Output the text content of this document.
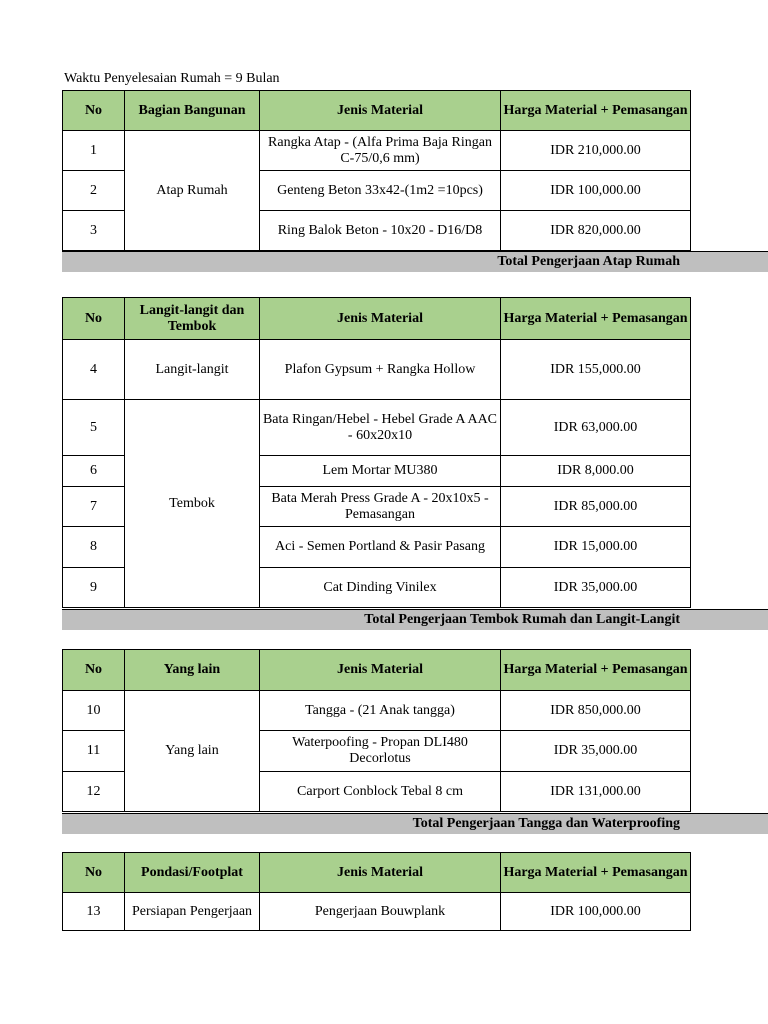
Waktu Penyelesaian Rumah = 9 Bulan
No	Bagian Bangunan	Jenis Material	Harga Material + Pemasangan
1	Atap Rumah	Rangka Atap - (Alfa Prima Baja Ringan C-75/0,6 mm)	IDR 210,000.00
2		Genteng Beton 33x42-(1m2 =10pcs)	IDR 100,000.00
3		Ring Balok Beton - 10x20 - D16/D8	IDR 820,000.00
Total Pengerjaan Atap Rumah
No	Langit-langit dan Tembok	Jenis Material	Harga Material + Pemasangan
4	Langit-langit	Plafon Gypsum + Rangka Hollow	IDR 155,000.00
5	Tembok	Bata Ringan/Hebel - Hebel Grade A AAC - 60x20x10	IDR 63,000.00
6		Lem Mortar MU380	IDR 8,000.00
7		Bata Merah Press Grade A - 20x10x5 - Pemasangan	IDR 85,000.00
8		Aci - Semen Portland & Pasir Pasang	IDR 15,000.00
9		Cat Dinding Vinilex	IDR 35,000.00
Total Pengerjaan Tembok Rumah dan Langit-Langit
No	Yang lain	Jenis Material	Harga Material + Pemasangan
10	Yang lain	Tangga - (21 Anak tangga)	IDR 850,000.00
11		Waterpoofing - Propan DLI480 Decorlotus	IDR 35,000.00
12		Carport Conblock Tebal 8 cm	IDR 131,000.00
Total Pengerjaan Tangga dan Waterproofing
No	Pondasi/Footplat	Jenis Material	Harga Material + Pemasangan
13	Persiapan Pengerjaan	Pengerjaan Bouwplank	IDR 100,000.00
